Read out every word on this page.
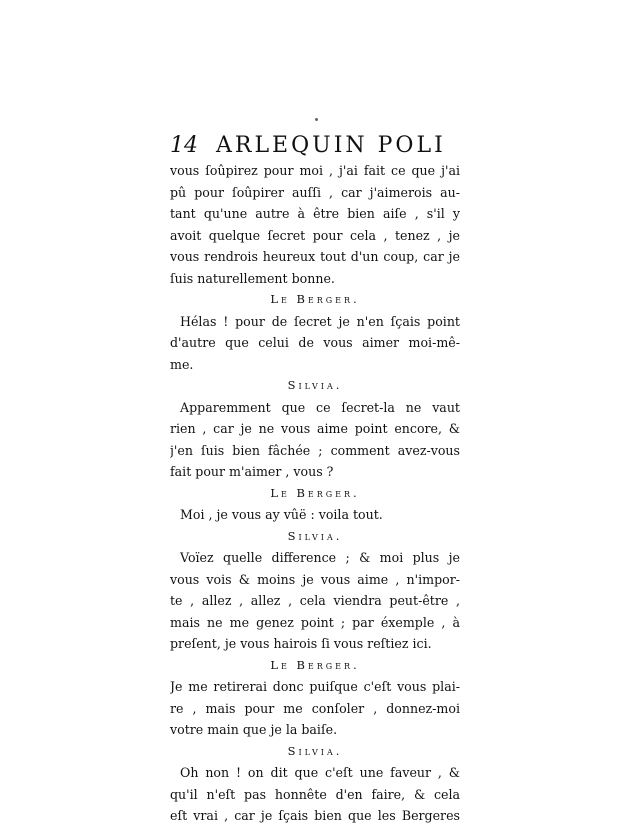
14 ARLEQUIN POLI
vous ſoûpirez pour moi , j'ai fait ce que j'ai
pû pour ſoûpirer auſſi , car j'aimerois au-
tant qu'une autre à être bien aiſe , s'il y
avoit quelque ſecret pour cela , tenez , je
vous rendrois heureux tout d'un coup, car je
ſuis naturellement bonne.
Le Berger.
Hélas ! pour de ſecret je n'en ſçais point
d'autre que celui de vous aimer moi-mê-
me.
Silvia.
Apparemment que ce ſecret-la ne vaut
rien , car je ne vous aime point encore, &
j'en ſuis bien fâchée ; comment avez-vous
fait pour m'aimer , vous ?
Le Berger.
Moi , je vous ay vûë : voila tout.
Silvia.
Voïez quelle difference ; & moi plus je
vous vois & moins je vous aime , n'impor-
te , allez , allez , cela viendra peut-être ,
mais ne me genez point ; par éxemple , à
preſent, je vous hairois ſi vous reſtiez ici.
Le Berger.
Je me retirerai donc puiſque c'eſt vous plai-
re , mais pour me conſoler , donnez-moi
votre main que je la baiſe.
Silvia.
Oh non ! on dit que c'eſt une faveur , &
qu'il n'eſt pas honnête d'en faire, & cela
eſt vrai , car je ſçais bien que les Bergeres
